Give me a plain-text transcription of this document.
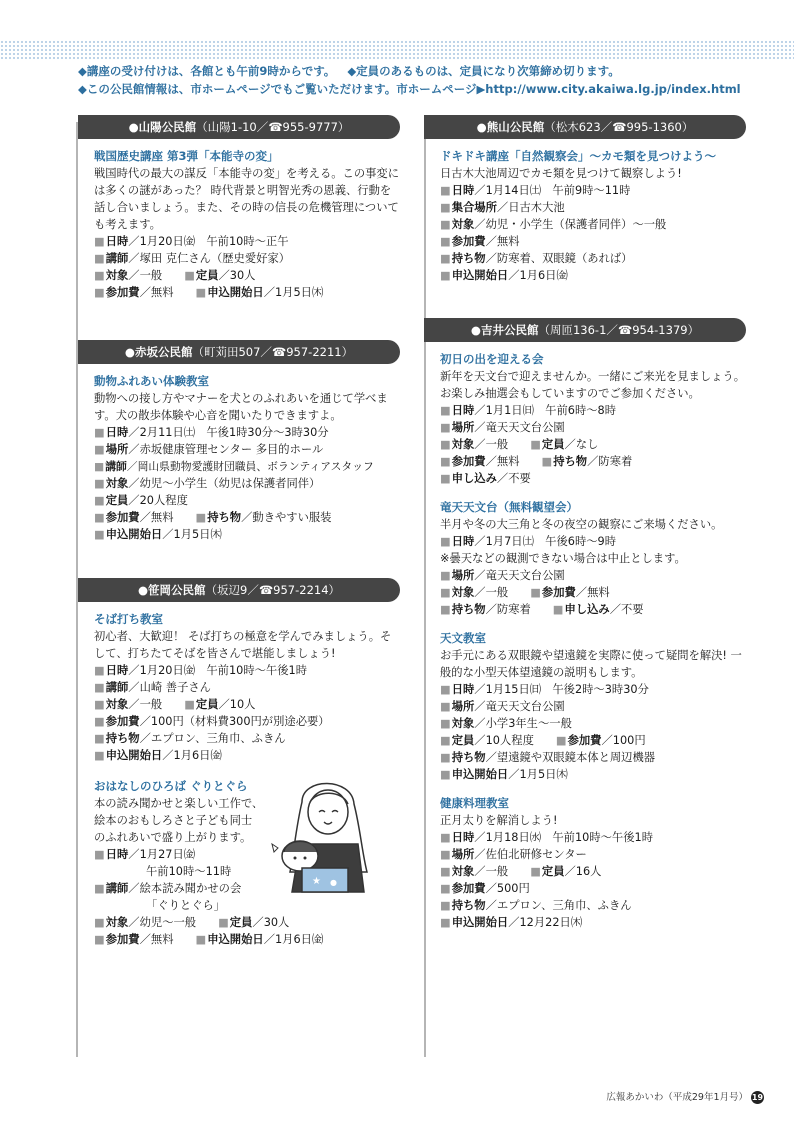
◆講座の受け付けは、各館とも午前9時からです。 ◆定員のあるものは、定員になり次第締め切ります。
◆この公民館情報は、市ホームページでもご覧いただけます。市ホームページ▶http://www.city.akaiwa.lg.jp/index.html
●山陽公民館（山陽1-10／☎955-9777）
戦国歴史講座 第3弾「本能寺の変」
戦国時代の最大の謀反「本能寺の変」を考える。この事変には多くの謎があった？ 時代背景と明智光秀の恩義、行動を話し合いましょう。また、その時の信長の危機管理についても考えます。
■日時／1月20日㈮　午前10時～正午
■講師／塚田 克仁さん（歴史愛好家）
■対象／一般 ■定員／30人
■参加費／無料 ■申込開始日／1月5日㈭
●赤坂公民館（町苅田507／☎957-2211）
動物ふれあい体験教室
動物への接し方やマナーを犬とのふれあいを通じて学べます。犬の散歩体験や心音を聞いたりできますよ。
■日時／2月11日㈯　午後1時30分～3時30分
■場所／赤坂健康管理センター 多目的ホール
■講師／岡山県動物愛護財団職員、ボランティアスタッフ
■対象／幼児～小学生（幼児は保護者同伴）
■定員／20人程度
■参加費／無料 ■持ち物／動きやすい服装
■申込開始日／1月5日㈭
●笹岡公民館（坂辺9／☎957-2214）
そば打ち教室
初心者、大歓迎！ そば打ちの極意を学んでみましょう。そして、打ちたてそばを皆さんで堪能しましょう!
■日時／1月20日㈮　午前10時～午後1時
■講師／山崎 善子さん
■対象／一般 ■定員／10人
■参加費／100円（材料費300円が別途必要）
■持ち物／エプロン、三角巾、ふきん
■申込開始日／1月6日㈮
おはなしのひろば ぐりとぐら
本の読み聞かせと楽しい工作で、
絵本のおもしろさと子ども同士
のふれあいで盛り上がります。
■日時／1月27日㈮
午前10時～11時
■講師／絵本読み聞かせの会
「ぐりとぐら」
■対象／幼児～一般 ■定員／30人
■参加費／無料 ■申込開始日／1月6日㈮
★ ●
●熊山公民館（松木623／☎995-1360）
ドキドキ講座「自然観察会」～カモ類を見つけよう～
日古木大池周辺でカモ類を見つけて観察しよう!
■日時／1月14日㈯　午前9時～11時
■集合場所／日古木大池
■対象／幼児・小学生（保護者同伴）～一般
■参加費／無料
■持ち物／防寒着、双眼鏡（あれば）
■申込開始日／1月6日㈮
●吉井公民館（周匝136-1／☎954-1379）
初日の出を迎える会
新年を天文台で迎えませんか。一緒にご来光を見ましょう。お楽しみ抽選会もしていますのでご参加ください。
■日時／1月1日㈰　午前6時～8時
■場所／竜天天文台公園
■対象／一般 ■定員／なし
■参加費／無料 ■持ち物／防寒着
■申し込み／不要
竜天天文台（無料観望会）
半月や冬の大三角と冬の夜空の観察にご来場ください。
■日時／1月7日㈯　午後6時～9時
※曇天などの観測できない場合は中止とします。
■場所／竜天天文台公園
■対象／一般 ■参加費／無料
■持ち物／防寒着 ■申し込み／不要
天文教室
お手元にある双眼鏡や望遠鏡を実際に使って疑問を解決! 一般的な小型天体望遠鏡の説明もします。
■日時／1月15日㈰　午後2時～3時30分
■場所／竜天天文台公園
■対象／小学3年生～一般
■定員／10人程度 ■参加費／100円
■持ち物／望遠鏡や双眼鏡本体と周辺機器
■申込開始日／1月5日㈭
健康料理教室
正月太りを解消しよう!
■日時／1月18日㈬　午前10時～午後1時
■場所／佐伯北研修センター
■対象／一般 ■定員／16人
■参加費／500円
■持ち物／エプロン、三角巾、ふきん
■申込開始日／12月22日㈭
広報あかいわ（平成29年1月号） 19
